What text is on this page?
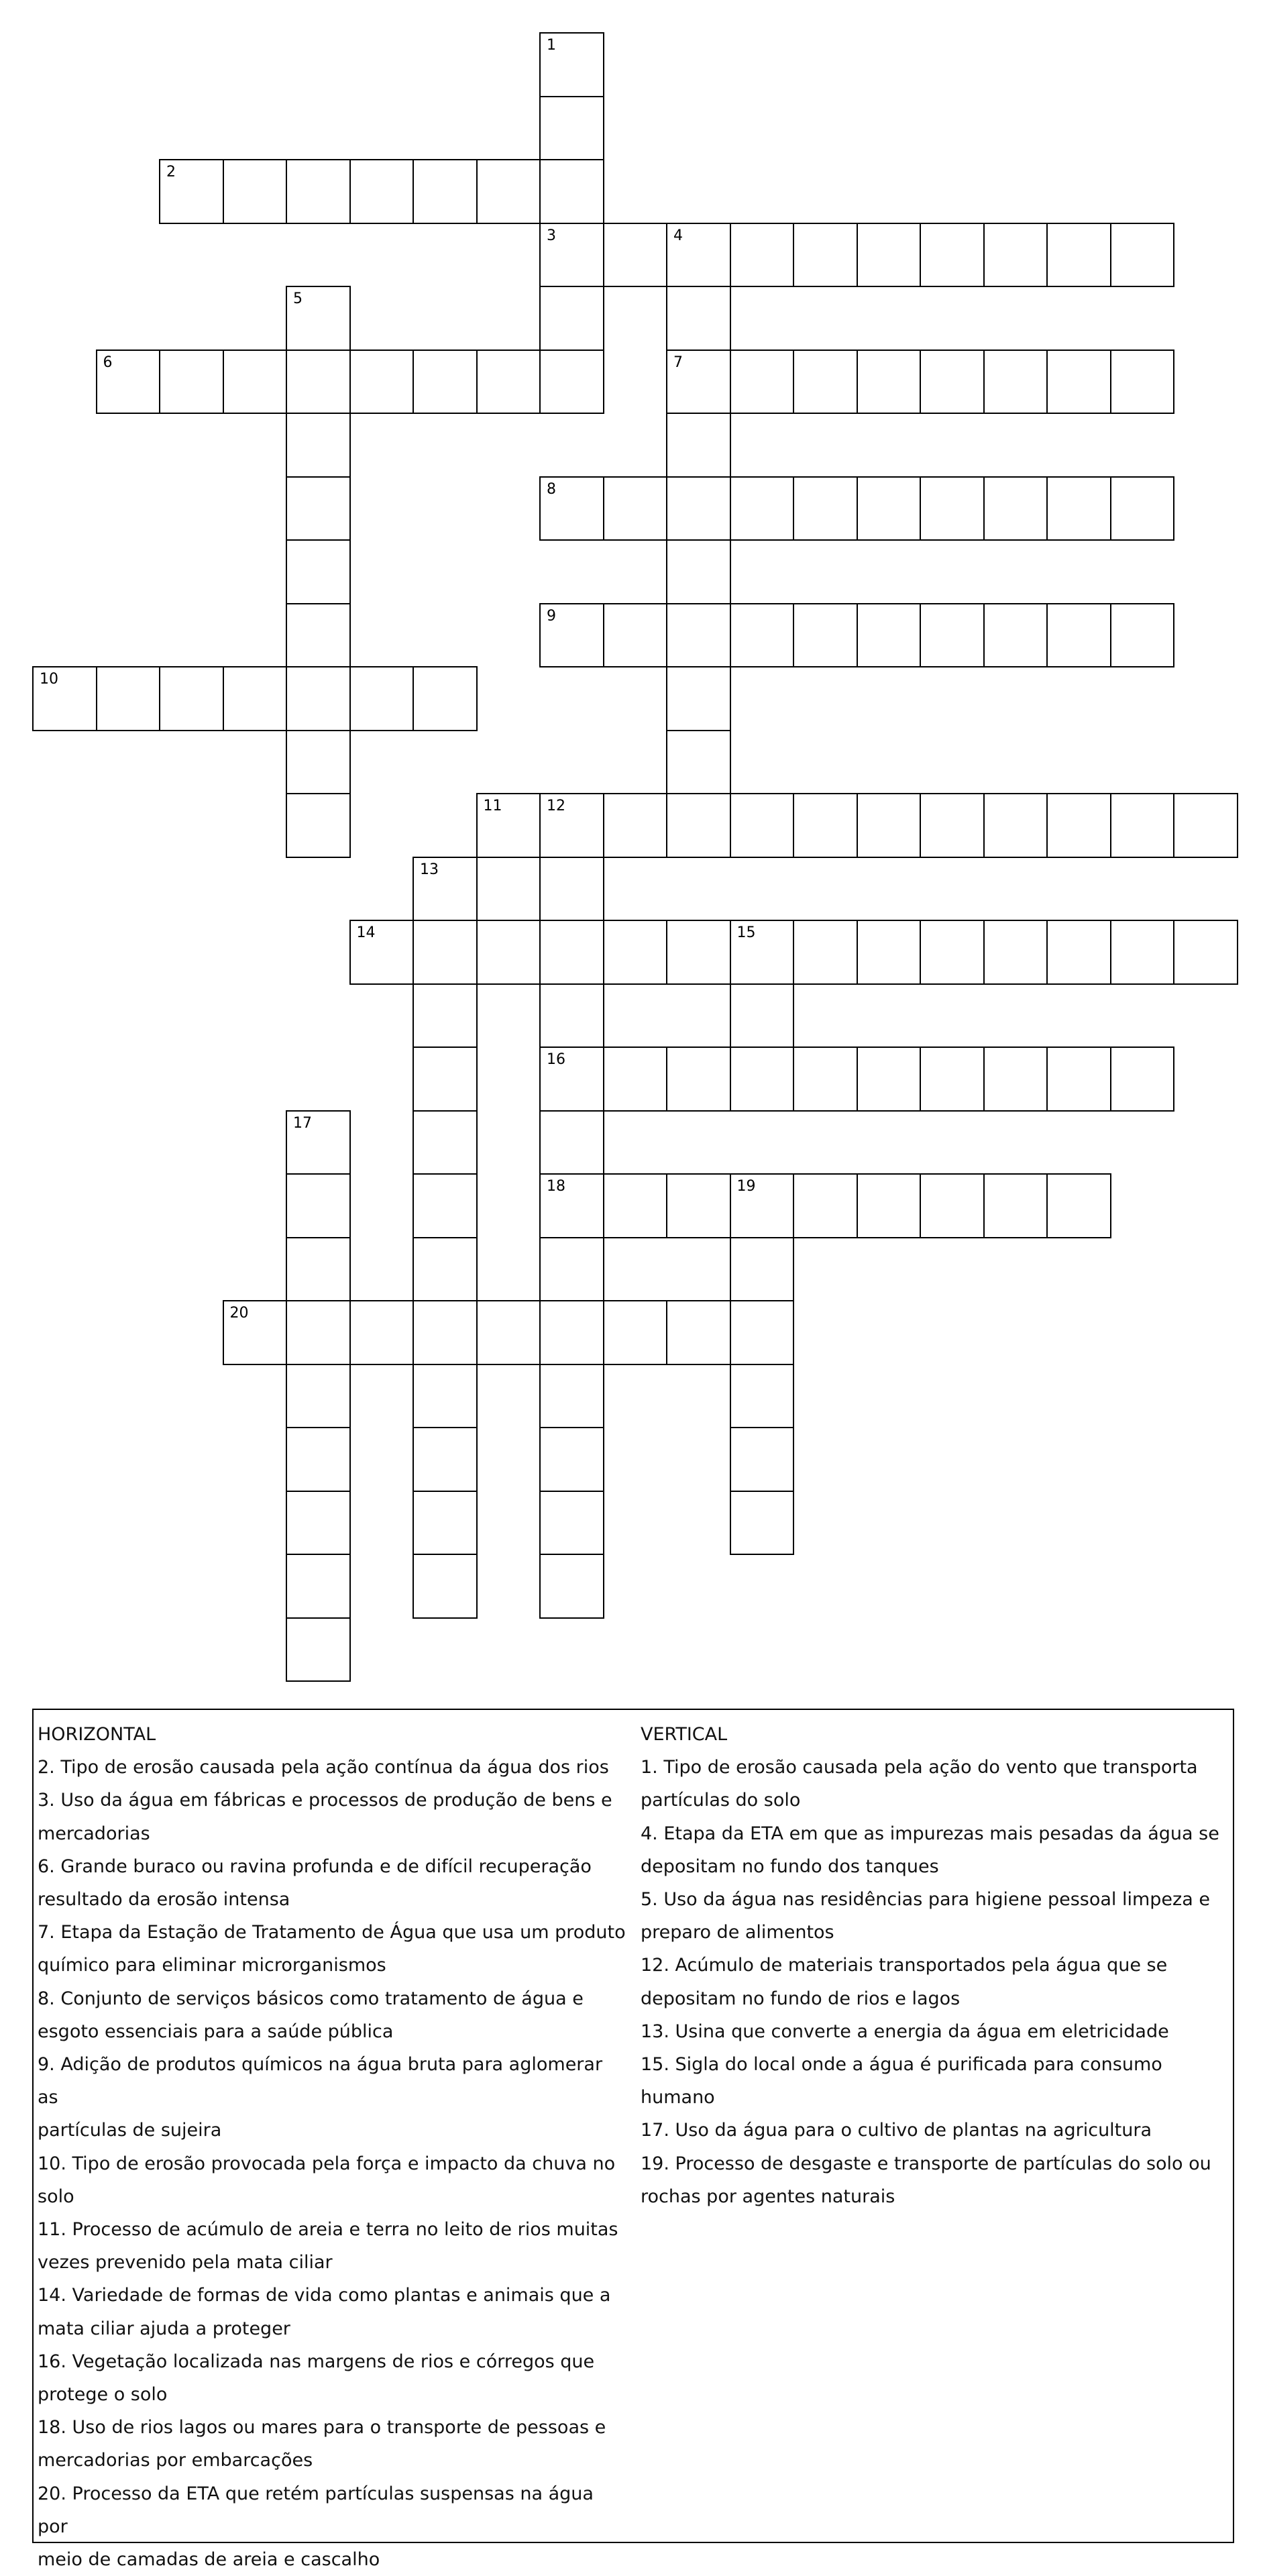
1
3
2
4
7
5
6
8
9
10
11	12
13
14	15
16
17
18	19
20

HORIZONTAL

2. Tipo de erosão causada pela ação contínua da água dos rios

3. Uso da água em fábricas e processos de produção de bens e

mercadorias

6. Grande buraco ou ravina profunda e de difícil recuperação

resultado da erosão intensa

7. Etapa da Estação de Tratamento de Água que usa um produto

químico para eliminar microrganismos

8. Conjunto de serviços básicos como tratamento de água e

esgoto essenciais para a saúde pública

9. Adição de produtos químicos na água bruta para aglomerar as

partículas de sujeira

10. Tipo de erosão provocada pela força e impacto da chuva no

solo

11. Processo de acúmulo de areia e terra no leito de rios muitas

vezes prevenido pela mata ciliar

14. Variedade de formas de vida como plantas e animais que a

mata ciliar ajuda a proteger

16. Vegetação localizada nas margens de rios e córregos que

protege o solo

18. Uso de rios lagos ou mares para o transporte de pessoas e

mercadorias por embarcações

20. Processo da ETA que retém partículas suspensas na água por

meio de camadas de areia e cascalho

VERTICAL

1. Tipo de erosão causada pela ação do vento que transporta

partículas do solo

4. Etapa da ETA em que as impurezas mais pesadas da água se

depositam no fundo dos tanques

5. Uso da água nas residências para higiene pessoal limpeza e

preparo de alimentos

12. Acúmulo de materiais transportados pela água que se

depositam no fundo de rios e lagos

13. Usina que converte a energia da água em eletricidade

15. Sigla do local onde a água é purificada para consumo humano

17. Uso da água para o cultivo de plantas na agricultura

19. Processo de desgaste e transporte de partículas do solo ou

rochas por agentes naturais
